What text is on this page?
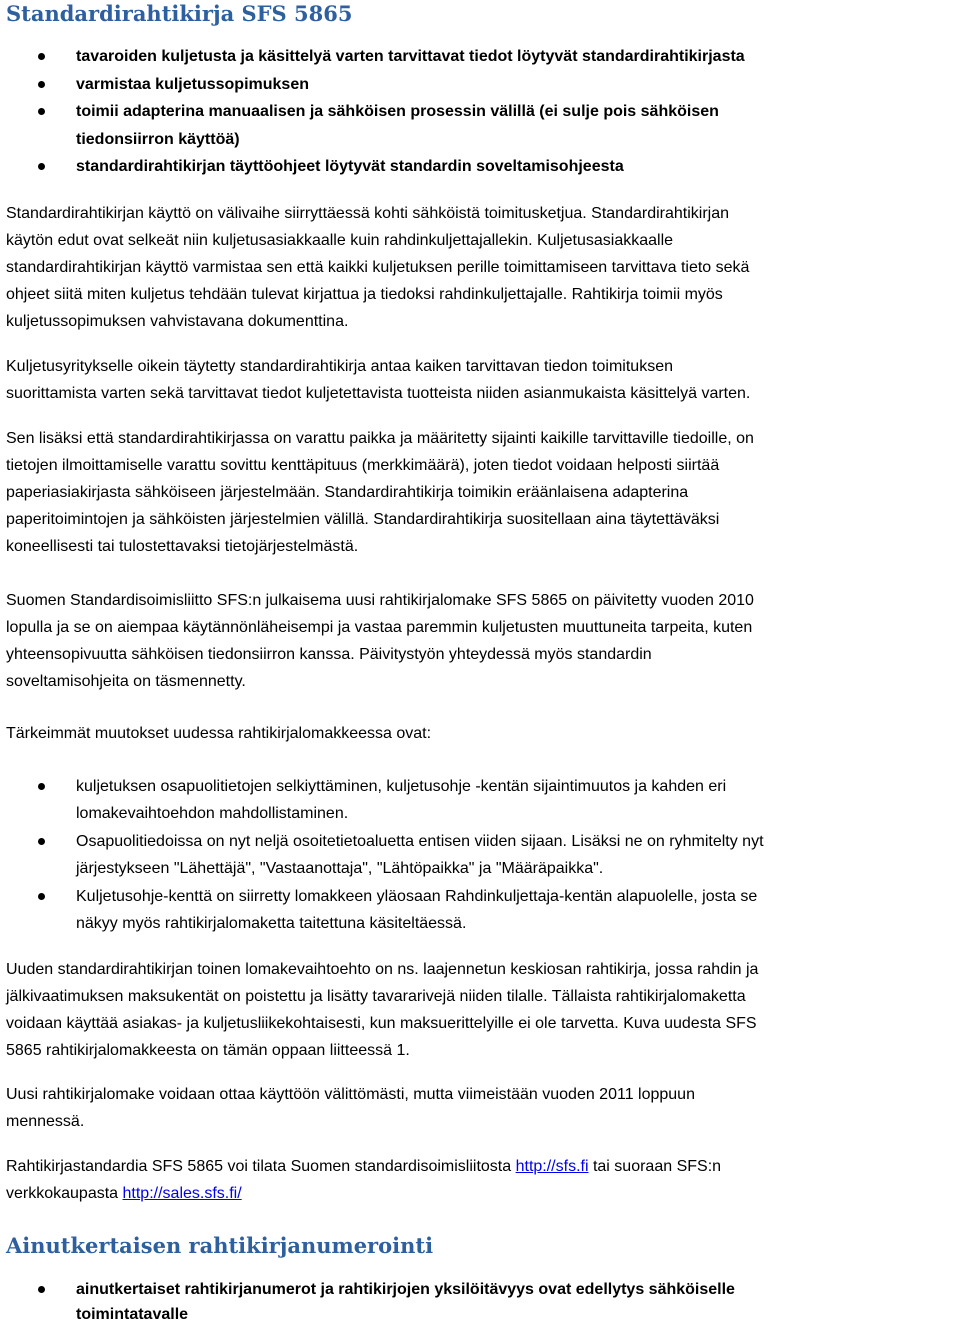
Standardirahtikirja SFS 5865

tavaroiden kuljetusta ja käsittelyä varten tarvittavat tiedot löytyvät standardirahtikirjasta

varmistaa kuljetussopimuksen

toimii adapterina manuaalisen ja sähköisen prosessin välillä (ei sulje pois sähköisen

tiedonsiirron käyttöä)

standardirahtikirjan täyttöohjeet löytyvät standardin soveltamisohjeesta

Standardirahtikirjan käyttö on välivaihe siirryttäessä kohti sähköistä toimitusketjua. Standardirahtikirjan

käytön edut ovat selkeät niin kuljetusasiakkaalle kuin rahdinkuljettajallekin. Kuljetusasiakkaalle

standardirahtikirjan käyttö varmistaa sen että kaikki kuljetuksen perille toimittamiseen tarvittava tieto sekä

ohjeet siitä miten kuljetus tehdään tulevat kirjattua ja tiedoksi rahdinkuljettajalle. Rahtikirja toimii myös

kuljetussopimuksen vahvistavana dokumenttina.

Kuljetusyritykselle oikein täytetty standardirahtikirja antaa kaiken tarvittavan tiedon toimituksen

suorittamista varten sekä tarvittavat tiedot kuljetettavista tuotteista niiden asianmukaista käsittelyä varten.

Sen lisäksi että standardirahtikirjassa on varattu paikka ja määritetty sijainti kaikille tarvittaville tiedoille, on

tietojen ilmoittamiselle varattu sovittu kenttäpituus (merkkimäärä), joten tiedot voidaan helposti siirtää

paperiasiakirjasta sähköiseen järjestelmään. Standardirahtikirja toimikin eräänlaisena adapterina

paperitoimintojen ja sähköisten järjestelmien välillä. Standardirahtikirja suositellaan aina täytettäväksi

koneellisesti tai tulostettavaksi tietojärjestelmästä.

Suomen Standardisoimisliitto SFS:n julkaisema uusi rahtikirjalomake SFS 5865 on päivitetty vuoden 2010

lopulla ja se on aiempaa käytännönläheisempi ja vastaa paremmin kuljetusten muuttuneita tarpeita, kuten

yhteensopivuutta sähköisen tiedonsiirron kanssa. Päivitystyön yhteydessä myös standardin

soveltamisohjeita on täsmennetty.

Tärkeimmät muutokset uudessa rahtikirjalomakkeessa ovat:

kuljetuksen osapuolitietojen selkiyttäminen, kuljetusohje -kentän sijaintimuutos ja kahden eri

lomakevaihtoehdon mahdollistaminen.

Osapuolitiedoissa on nyt neljä osoitetietoaluetta entisen viiden sijaan. Lisäksi ne on ryhmitelty nyt

järjestykseen "Lähettäjä", "Vastaanottaja", "Lähtöpaikka" ja "Määräpaikka".

Kuljetusohje-kenttä on siirretty lomakkeen yläosaan Rahdinkuljettaja-kentän alapuolelle, josta se

näkyy myös rahtikirjalomaketta taitettuna käsiteltäessä.

Uuden standardirahtikirjan toinen lomakevaihtoehto on ns. laajennetun keskiosan rahtikirja, jossa rahdin ja

jälkivaatimuksen maksukentät on poistettu ja lisätty tavararivejä niiden tilalle. Tällaista rahtikirjalomaketta

voidaan käyttää asiakas- ja kuljetusliikekohtaisesti, kun maksuerittelyille ei ole tarvetta. Kuva uudesta SFS

5865 rahtikirjalomakkeesta on tämän oppaan liitteessä 1.

Uusi rahtikirjalomake voidaan ottaa käyttöön välittömästi, mutta viimeistään vuoden 2011 loppuun

mennessä.

Rahtikirjastandardia SFS 5865 voi tilata Suomen standardisoimisliitosta http://sfs.fi tai suoraan SFS:n

verkkokaupasta http://sales.sfs.fi/

Ainutkertaisen rahtikirjanumerointi

ainutkertaiset rahtikirjanumerot ja rahtikirjojen yksilöitävyys ovat edellytys sähköiselle

toimintatavalle
